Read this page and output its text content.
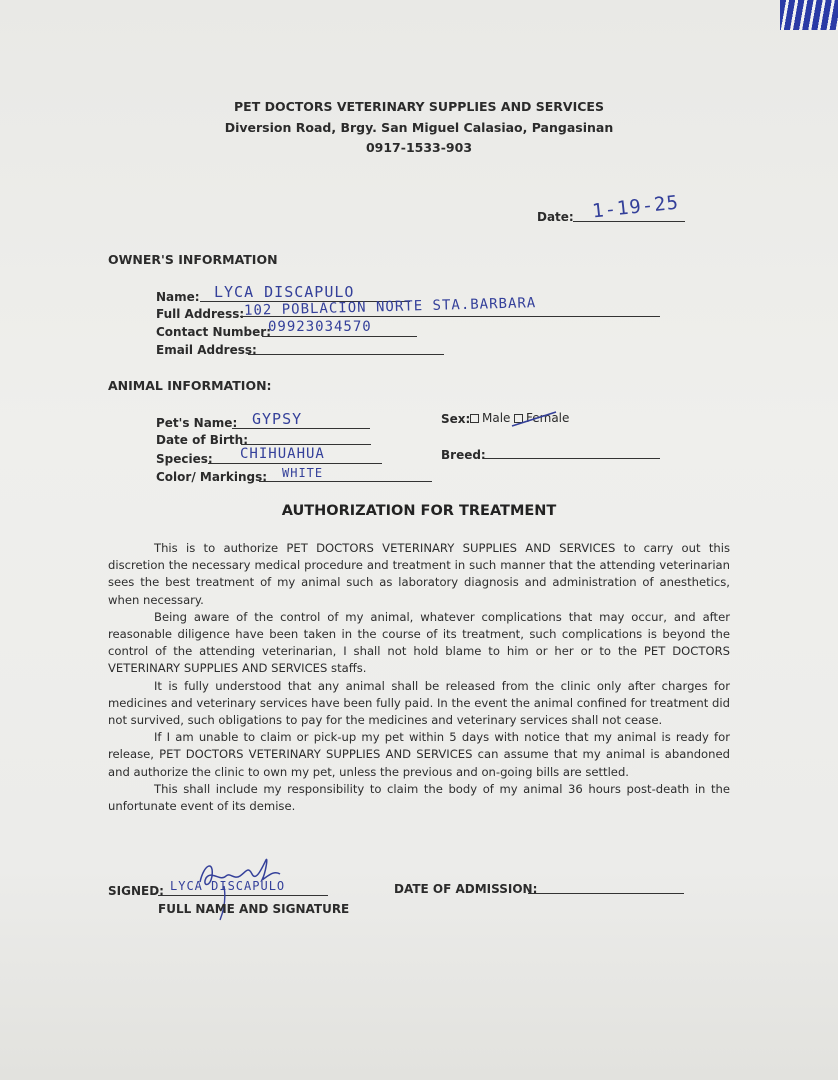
PET DOCTORS VETERINARY SUPPLIES AND SERVICES
Diversion Road, Brgy. San Miguel Calasiao, Pangasinan
0917-1533-903
Date: 1-19-25
OWNER'S INFORMATION
Name: LYCA DISCAPULO
Full Address: 102 POBLACION NORTE STA.BARBARA
Contact Number:
09923034570
Email Address:
ANIMAL INFORMATION:
Pet's Name: GYPSY
Date of Birth:
Species: CHIHUAHUA
Color/ Markings: WHITE
Sex: Male Female
Breed:
AUTHORIZATION FOR TREATMENT

This is to authorize PET DOCTORS VETERINARY SUPPLIES AND SERVICES to carry out this discretion the necessary medical procedure and treatment in such manner that the attending veterinarian sees the best treatment of my animal such as laboratory diagnosis and administration of anesthetics, when necessary.

Being aware of the control of my animal, whatever complications that may occur, and after reasonable diligence have been taken in the course of its treatment, such complications is beyond the control of the attending veterinarian, I shall not hold blame to him or her or to the PET DOCTORS VETERINARY SUPPLIES AND SERVICES staffs.

It is fully understood that any animal shall be released from the clinic only after charges for medicines and veterinary services have been fully paid. In the event the animal confined for treatment did not survived, such obligations to pay for the medicines and veterinary services shall not cease.

If I am unable to claim or pick-up my pet within 5 days with notice that my animal is ready for release, PET DOCTORS VETERINARY SUPPLIES AND SERVICES can assume that my animal is abandoned and authorize the clinic to own my pet, unless the previous and on-going bills are settled.

This shall include my responsibility to claim the body of my animal 36 hours post-death in the unfortunate event of its demise.

SIGNED: LYCA DISCAPULO
FULL NAME AND SIGNATURE
DATE OF ADMISSION:
